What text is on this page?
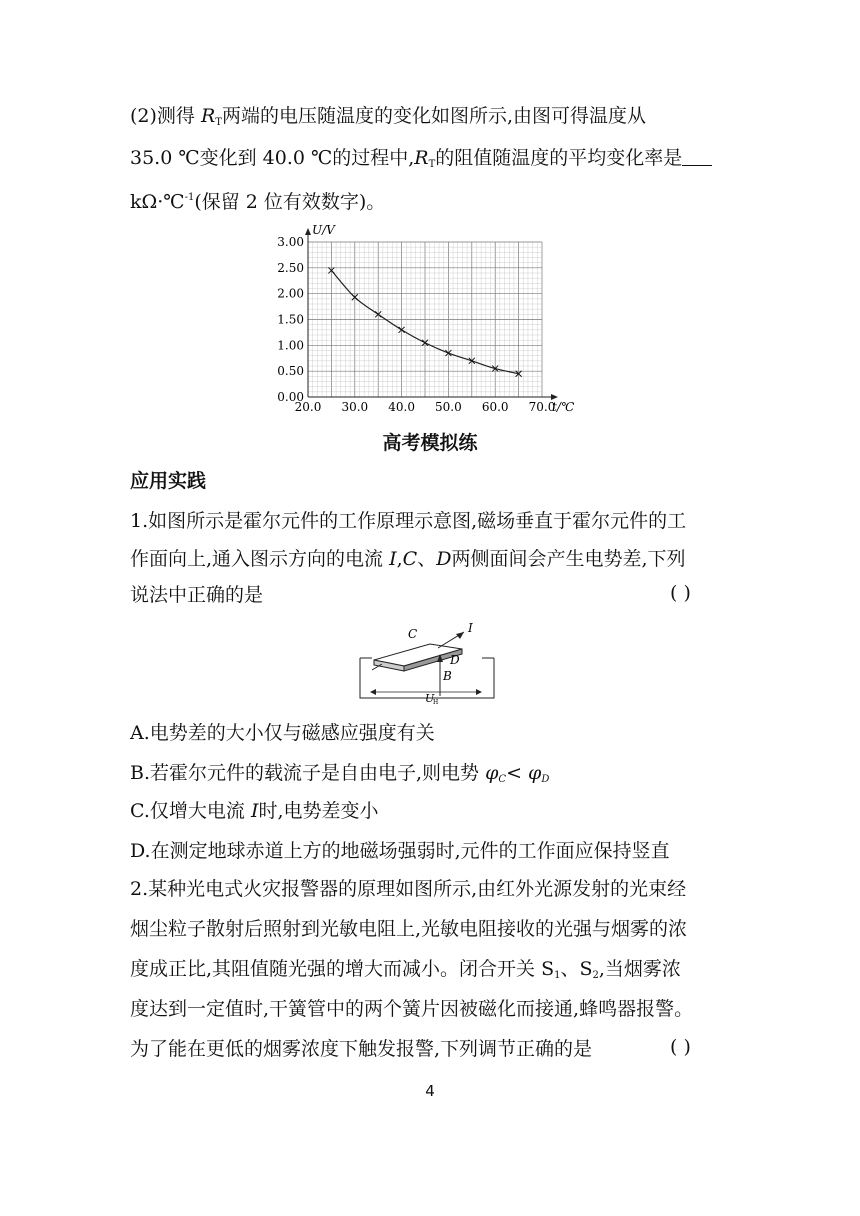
(2)测得 $R_T$两端的电压随温度的变化如图所示,由图可得温度从
35.0 ℃变化到 40.0 ℃的过程中$,R_T$的阻值随温度的平均变化率是
kΩ·℃$^{-1}$(保留 2 位有效数字)。
0.00
0.50
1.00
1.50
2.00
2.50
3.00
20.0 30.0 40.0 50.0 60.0 70.0
U/V
t/℃
高考模拟练
应用实践
1.如图所示是霍尔元件的工作原理示意图,磁场垂直于霍尔元件的工
作面向上,通入图示方向的电流 I,C、D两侧面间会产生电势差,下列
说法中正确的是	( )
C	I
D
B
U
H
A.电势差的大小仅与磁感应强度有关
B.若霍尔元件的载流子是自由电子,则电势 $\varphi_C< \varphi_D$
C.仅增大电流 I时,电势差变小
D.在测定地球赤道上方的地磁场强弱时,元件的工作面应保持竖直
2.某种光电式火灾报警器的原理如图所示,由红外光源发射的光束经
烟尘粒子散射后照射到光敏电阻上,光敏电阻接收的光强与烟雾的浓
度成正比,其阻值随光强的增大而减小。闭合开关 $S_1$、$S_2$,当烟雾浓
度达到一定值时,干簧管中的两个簧片因被磁化而接通,蜂鸣器报警。
为了能在更低的烟雾浓度下触发报警,下列调节正确的是	( )
4
